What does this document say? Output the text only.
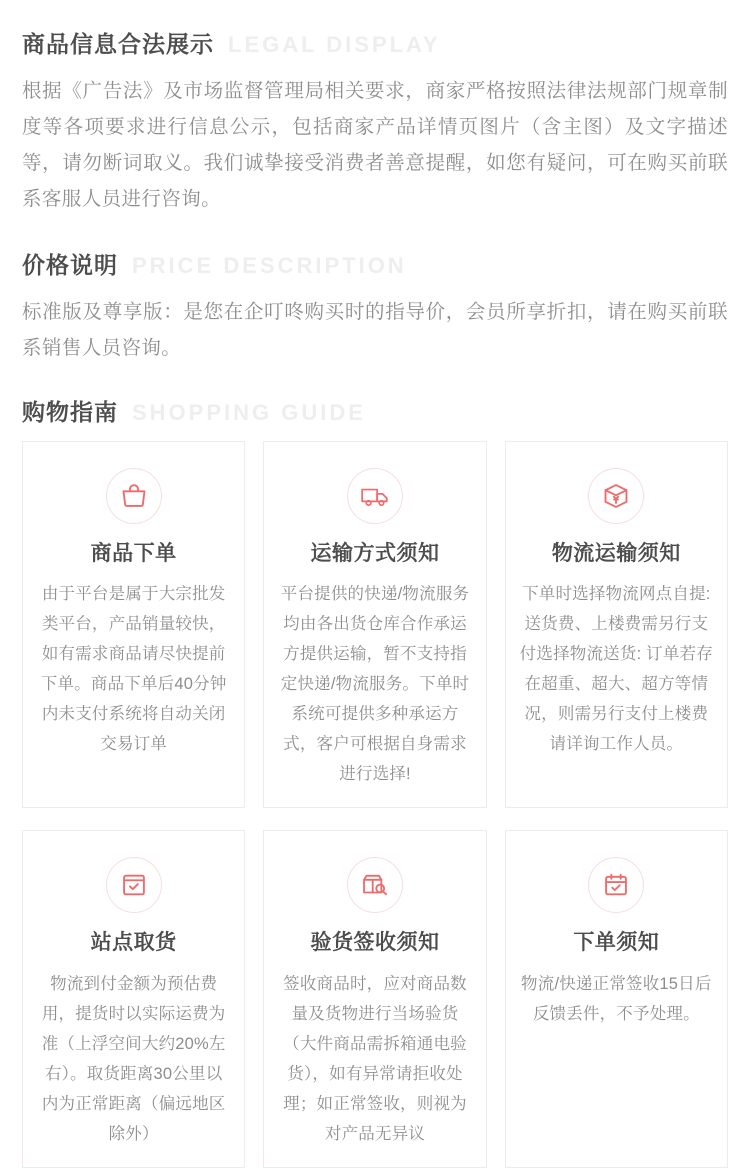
商品信息合法展示 LEGAL DISPLAY

根据《广告法》及市场监督管理局相关要求，商家严格按照法律法规部门规章制度等各项要求进行信息公示，包括商家产品详情页图片（含主图）及文字描述等，请勿断词取义。我们诚挚接受消费者善意提醒，如您有疑问，可在购买前联系客服人员进行咨询。

价格说明 PRICE DESCRIPTION

标准版及尊享版：是您在企叮咚购买时的指导价，会员所享折扣，请在购买前联系销售人员咨询。

购物指南 SHOPPING GUIDE
商品下单
由于平台是属于大宗批发类平台，产品销量较快，如有需求商品请尽快提前下单。商品下单后40分钟内未支付系统将自动关闭交易订单
运输方式须知
平台提供的快递/物流服务均由各出货仓库合作承运方提供运输，暂不支持指定快递/物流服务。下单时系统可提供多种承运方式，客户可根据自身需求进行选择!
物流运输须知
下单时选择物流网点自提:送货费、上楼费需另行支付选择物流送货: 订单若存在超重、超大、超方等情况，则需另行支付上楼费请详询工作人员。
站点取货
物流到付金额为预估费用，提货时以实际运费为准（上浮空间大约20%左右）。取货距离30公里以内为正常距离（偏远地区除外）
验货签收须知
签收商品时，应对商品数量及货物进行当场验货（大件商品需拆箱通电验货），如有异常请拒收处理；如正常签收，则视为对产品无异议
下单须知
物流/快递正常签收15日后反馈丢件，不予处理。
